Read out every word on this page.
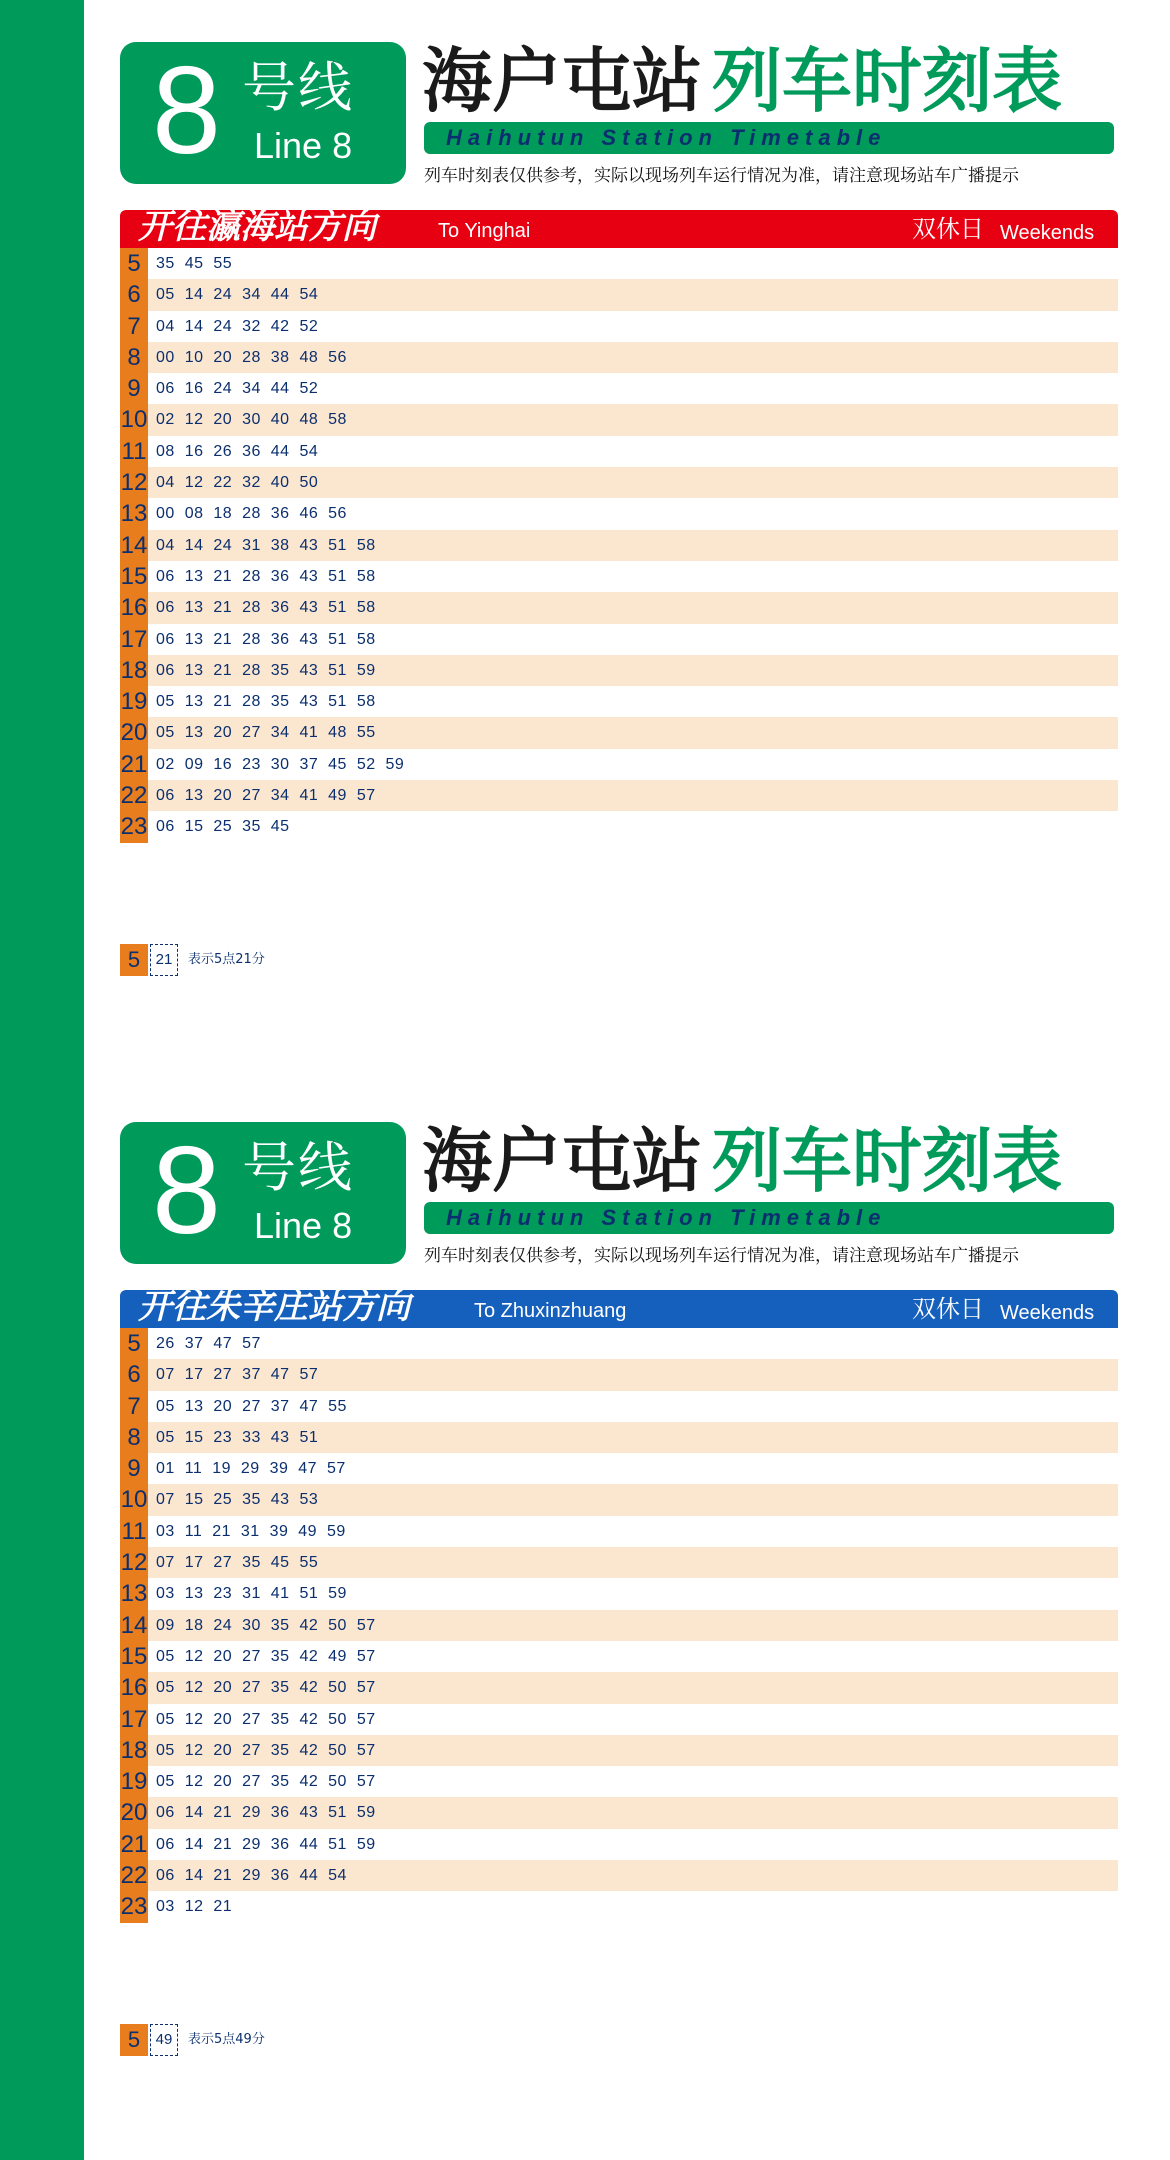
8 号线
Line 8
海户屯站 列车时刻表
Haihutun Station Timetable
列车时刻表仅供参考，实际以现场列车运行情况为准，请注意现场站车广播提示
开往瀛海站方向	To Yinghai	双休日 Weekends
5 35  45  55
6 05  14  24  34  44  54
7 04  14  24  32  42  52
8 00  10  20  28  38  48  56
9 06  16  24  34  44  52
10 02  12  20  30  40  48  58
11 08  16  26  36  44  54
12 04  12  22  32  40  50
13 00  08  18  28  36  46  56
14 04  14  24  31  38  43  51  58
15 06  13  21  28  36  43  51  58
16 06  13  21  28  36  43  51  58
17 06  13  21  28  36  43  51  58
18 06  13  21  28  35  43  51  59
19 05  13  21  28  35  43  51  58
20 05  13  20  27  34  41  48  55
21 02  09  16  23  30  37  45  52  59
22 06  13  20  27  34  41  49  57
23 06  15  25  35  45
5	21	表示5点21分
8 号线
Line 8
海户屯站 列车时刻表
Haihutun Station Timetable
列车时刻表仅供参考，实际以现场列车运行情况为准，请注意现场站车广播提示
开往朱辛庄站方向	To Zhuxinzhuang	双休日 Weekends
5 26  37  47  57
6 07  17  27  37  47  57
7 05  13  20  27  37  47  55
8 05  15  23  33  43  51
9 01  11  19  29  39  47  57
10 07  15  25  35  43  53
11 03  11  21  31  39  49  59
12 07  17  27  35  45  55
13 03  13  23  31  41  51  59
14 09  18  24  30  35  42  50  57
15 05  12  20  27  35  42  49  57
16 05  12  20  27  35  42  50  57
17 05  12  20  27  35  42  50  57
18 05  12  20  27  35  42  50  57
19 05  12  20  27  35  42  50  57
20 06  14  21  29  36  43  51  59
21 06  14  21  29  36  44  51  59
22 06  14  21  29  36  44  54
23 03  12  21
5	49	表示5点49分
